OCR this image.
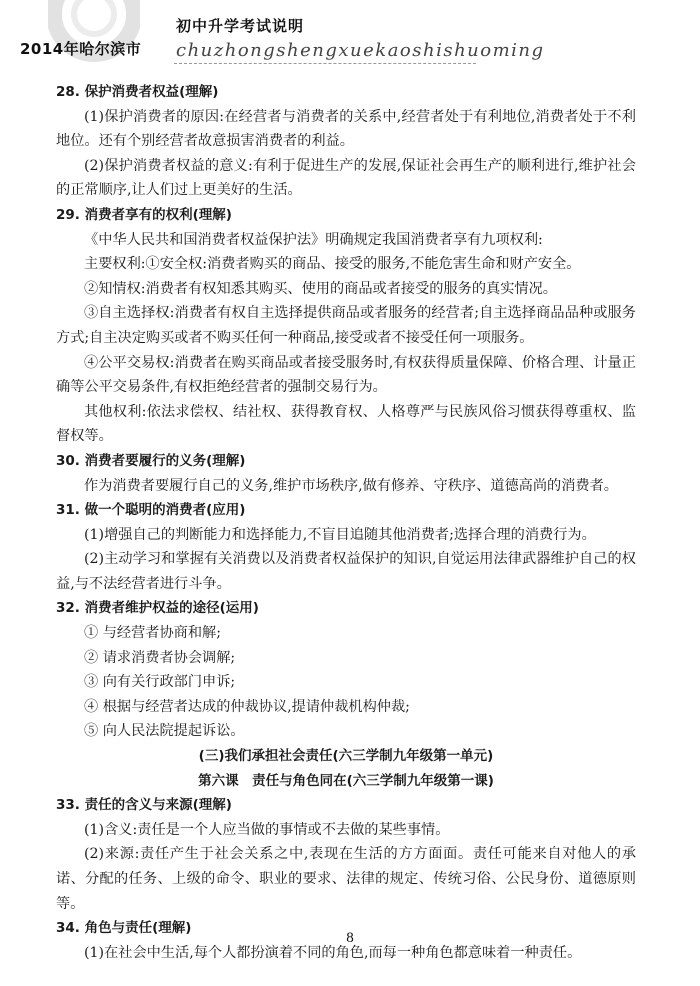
2014年哈尔滨市
初中升学考试说明
chuzhongshengxuekaoshishuoming

28. 保护消费者权益(理解)

(1)保护消费者的原因:在经营者与消费者的关系中,经营者处于有利地位,消费者处于不利地位。还有个别经营者故意损害消费者的利益。

(2)保护消费者权益的意义:有利于促进生产的发展,保证社会再生产的顺利进行,维护社会的正常顺序,让人们过上更美好的生活。

29. 消费者享有的权利(理解)

《中华人民共和国消费者权益保护法》明确规定我国消费者享有九项权利:

主要权利:①安全权:消费者购买的商品、接受的服务,不能危害生命和财产安全。

②知情权:消费者有权知悉其购买、使用的商品或者接受的服务的真实情况。

③自主选择权:消费者有权自主选择提供商品或者服务的经营者;自主选择商品品种或服务方式;自主决定购买或者不购买任何一种商品,接受或者不接受任何一项服务。

④公平交易权:消费者在购买商品或者接受服务时,有权获得质量保障、价格合理、计量正确等公平交易条件,有权拒绝经营者的强制交易行为。

其他权利:依法求偿权、结社权、获得教育权、人格尊严与民族风俗习惯获得尊重权、监督权等。

30. 消费者要履行的义务(理解)

作为消费者要履行自己的义务,维护市场秩序,做有修养、守秩序、道德高尚的消费者。

31. 做一个聪明的消费者(应用)

(1)增强自己的判断能力和选择能力,不盲目追随其他消费者;选择合理的消费行为。

(2)主动学习和掌握有关消费以及消费者权益保护的知识,自觉运用法律武器维护自己的权益,与不法经营者进行斗争。

32. 消费者维护权益的途径(运用)

① 与经营者协商和解;

② 请求消费者协会调解;

③ 向有关行政部门申诉;

④ 根据与经营者达成的仲裁协议,提请仲裁机构仲裁;

⑤ 向人民法院提起诉讼。

(三)我们承担社会责任(六三学制九年级第一单元)

第六课　责任与角色同在(六三学制九年级第一课)

33. 责任的含义与来源(理解)

(1)含义:责任是一个人应当做的事情或不去做的某些事情。

(2)来源:责任产生于社会关系之中,表现在生活的方方面面。责任可能来自对他人的承诺、分配的任务、上级的命令、职业的要求、法律的规定、传统习俗、公民身份、道德原则等。

34. 角色与责任(理解)

(1)在社会中生活,每个人都扮演着不同的角色,而每一种角色都意味着一种责任。

8
